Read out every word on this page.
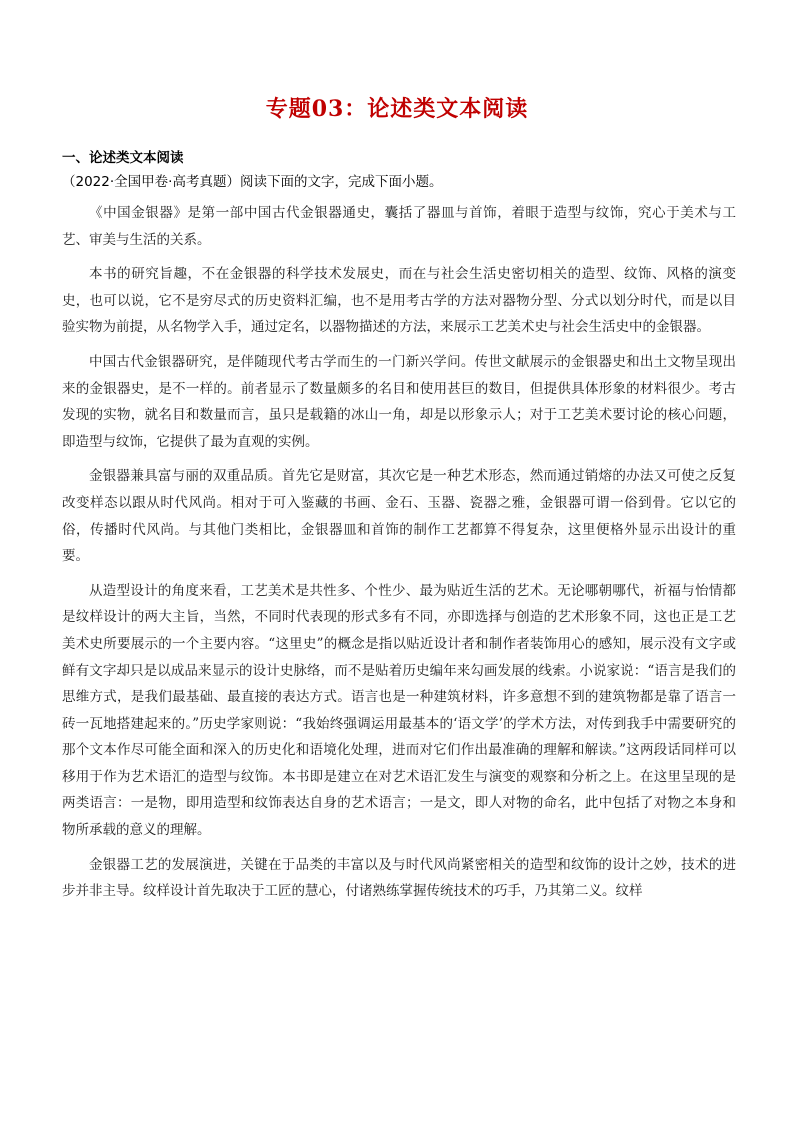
专题03：论述类文本阅读
一、论述类文本阅读
（2022·全国甲卷·高考真题）阅读下面的文字，完成下面小题。

《中国金银器》是第一部中国古代金银器通史，囊括了器皿与首饰，着眼于造型与纹饰，究心于美术与工艺、审美与生活的关系。

本书的研究旨趣，不在金银器的科学技术发展史，而在与社会生活史密切相关的造型、纹饰、风格的演变史，也可以说，它不是穷尽式的历史资料汇编，也不是用考古学的方法对器物分型、分式以划分时代，而是以目验实物为前提，从名物学入手，通过定名，以器物描述的方法，来展示工艺美术史与社会生活史中的金银器。

中国古代金银器研究，是伴随现代考古学而生的一门新兴学问。传世文献展示的金银器史和出土文物呈现出来的金银器史，是不一样的。前者显示了数量颇多的名目和使用甚巨的数目，但提供具体形象的材料很少。考古发现的实物，就名目和数量而言，虽只是载籍的冰山一角，却是以形象示人；对于工艺美术要讨论的核心问题，即造型与纹饰，它提供了最为直观的实例。

金银器兼具富与丽的双重品质。首先它是财富，其次它是一种艺术形态，然而通过销熔的办法又可使之反复改变样态以跟从时代风尚。相对于可入鉴藏的书画、金石、玉器、瓷器之雅，金银器可谓一俗到骨。它以它的俗，传播时代风尚。与其他门类相比，金银器皿和首饰的制作工艺都算不得复杂，这里便格外显示出设计的重要。

从造型设计的角度来看，工艺美术是共性多、个性少、最为贴近生活的艺术。无论哪朝哪代，祈福与怡情都是纹样设计的两大主旨，当然，不同时代表现的形式多有不同，亦即选择与创造的艺术形象不同，这也正是工艺美术史所要展示的一个主要内容。“这里史”的概念是指以贴近设计者和制作者装饰用心的感知，展示没有文字或鲜有文字却只是以成品来显示的设计史脉络，而不是贴着历史编年来勾画发展的线索。小说家说：“语言是我们的思维方式，是我们最基础、最直接的表达方式。语言也是一种建筑材料，许多意想不到的建筑物都是靠了语言一砖一瓦地搭建起来的。”历史学家则说：“我始终强调运用最基本的‘语文学’的学术方法，对传到我手中需要研究的那个文本作尽可能全面和深入的历史化和语境化处理，进而对它们作出最准确的理解和解读。”这两段话同样可以移用于作为艺术语汇的造型与纹饰。本书即是建立在对艺术语汇发生与演变的观察和分析之上。在这里呈现的是两类语言：一是物，即用造型和纹饰表达自身的艺术语言；一是文，即人对物的命名，此中包括了对物之本身和物所承载的意义的理解。

金银器工艺的发展演进，关键在于品类的丰富以及与时代风尚紧密相关的造型和纹饰的设计之妙，技术的进步并非主导。纹样设计首先取决于工匠的慧心，付诸熟练掌握传统技术的巧手，乃其第二义。纹样
